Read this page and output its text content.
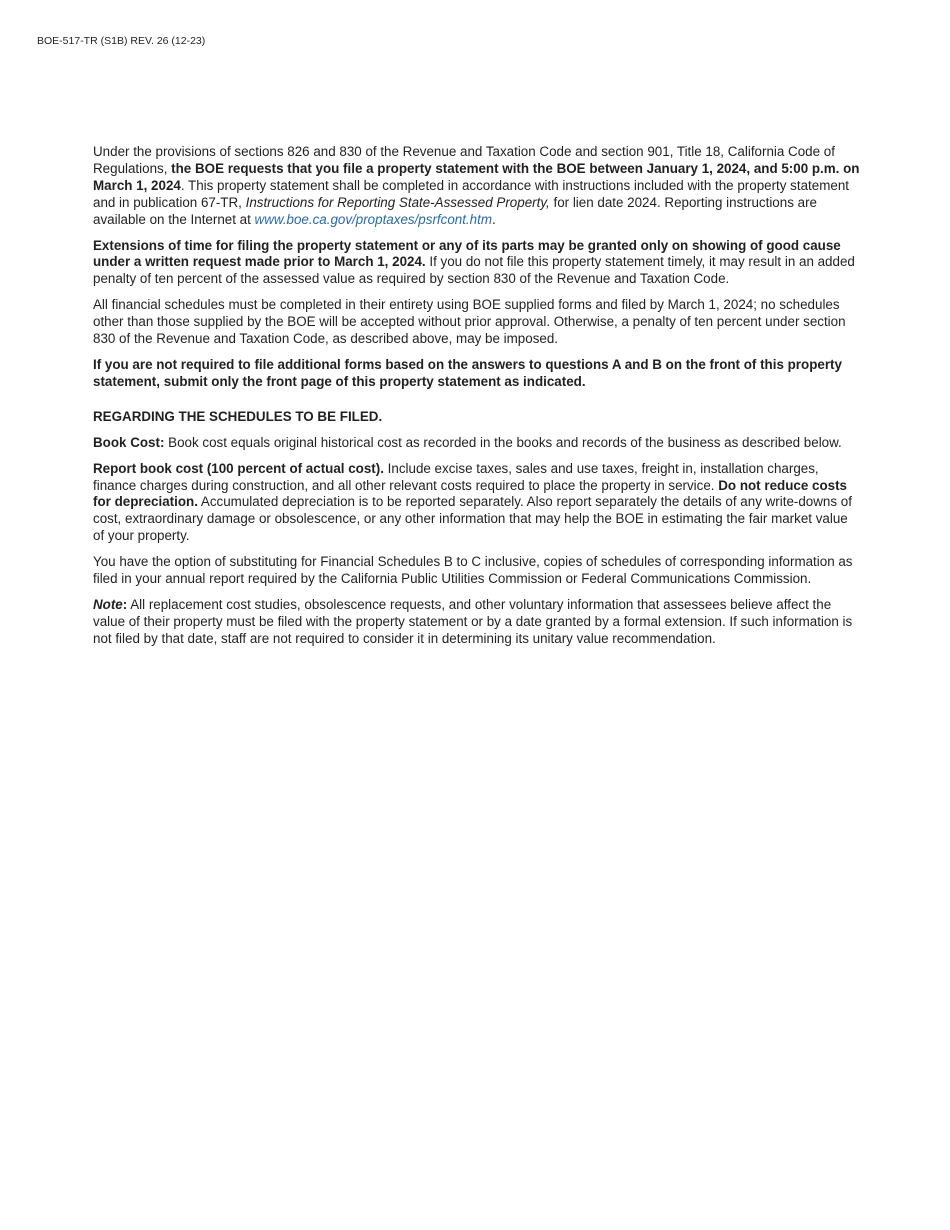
BOE-517-TR (S1B) REV. 26 (12-23)

Under the provisions of sections 826 and 830 of the Revenue and Taxation Code and section 901, Title 18, California Code of Regulations, the BOE requests that you file a property statement with the BOE between January 1, 2024, and 5:00 p.m. on March 1, 2024. This property statement shall be completed in accordance with instructions included with the property statement and in publication 67-TR, Instructions for Reporting State-Assessed Property, for lien date 2024. Reporting instructions are available on the Internet at www.boe.ca.gov/proptaxes/psrfcont.htm.

Extensions of time for filing the property statement or any of its parts may be granted only on showing of good cause under a written request made prior to March 1, 2024. If you do not file this property statement timely, it may result in an added penalty of ten percent of the assessed value as required by section 830 of the Revenue and Taxation Code.

All financial schedules must be completed in their entirety using BOE supplied forms and filed by March 1, 2024; no schedules other than those supplied by the BOE will be accepted without prior approval. Otherwise, a penalty of ten percent under section 830 of the Revenue and Taxation Code, as described above, may be imposed.

If you are not required to file additional forms based on the answers to questions A and B on the front of this property statement, submit only the front page of this property statement as indicated.

REGARDING THE SCHEDULES TO BE FILED.

Book Cost: Book cost equals original historical cost as recorded in the books and records of the business as described below.

Report book cost (100 percent of actual cost). Include excise taxes, sales and use taxes, freight in, installation charges, finance charges during construction, and all other relevant costs required to place the property in service. Do not reduce costs for depreciation. Accumulated depreciation is to be reported separately. Also report separately the details of any write-downs of cost, extraordinary damage or obsolescence, or any other information that may help the BOE in estimating the fair market value of your property.

You have the option of substituting for Financial Schedules B to C inclusive, copies of schedules of corresponding information as filed in your annual report required by the California Public Utilities Commission or Federal Communications Commission.

Note: All replacement cost studies, obsolescence requests, and other voluntary information that assessees believe affect the value of their property must be filed with the property statement or by a date granted by a formal extension. If such information is not filed by that date, staff are not required to consider it in determining its unitary value recommendation.
